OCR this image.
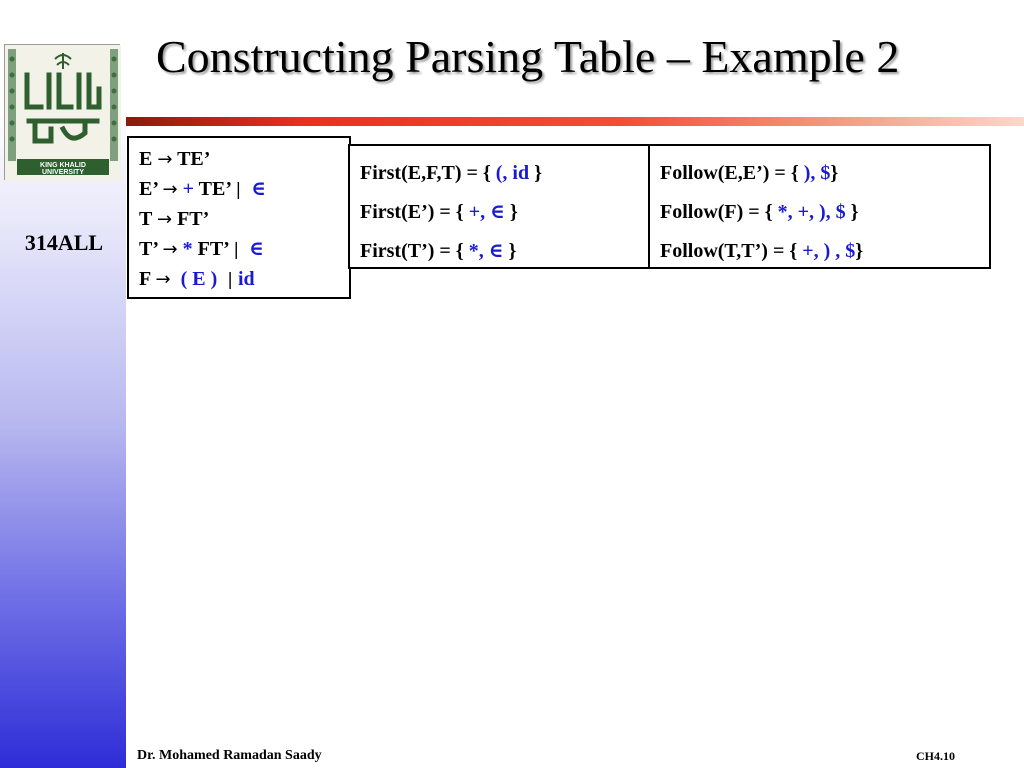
KING KHALID UNIVERSITY
314ALL
Constructing Parsing Table – Example 2
E → TE’
E’ → + TE’ |  ∈
T → FT’
T’ → * FT’ |  ∈
F →  ( E ) | id
First(E,F,T) = { (, id }
First(E’) = { +, ∈ }
First(T’) = { *, ∈ }
Follow(E,E’) = { ), $}
Follow(F) = { *, +, ), $ }
Follow(T,T’) = { +, ) , $}
Dr. Mohamed Ramadan Saady	CH4.10
